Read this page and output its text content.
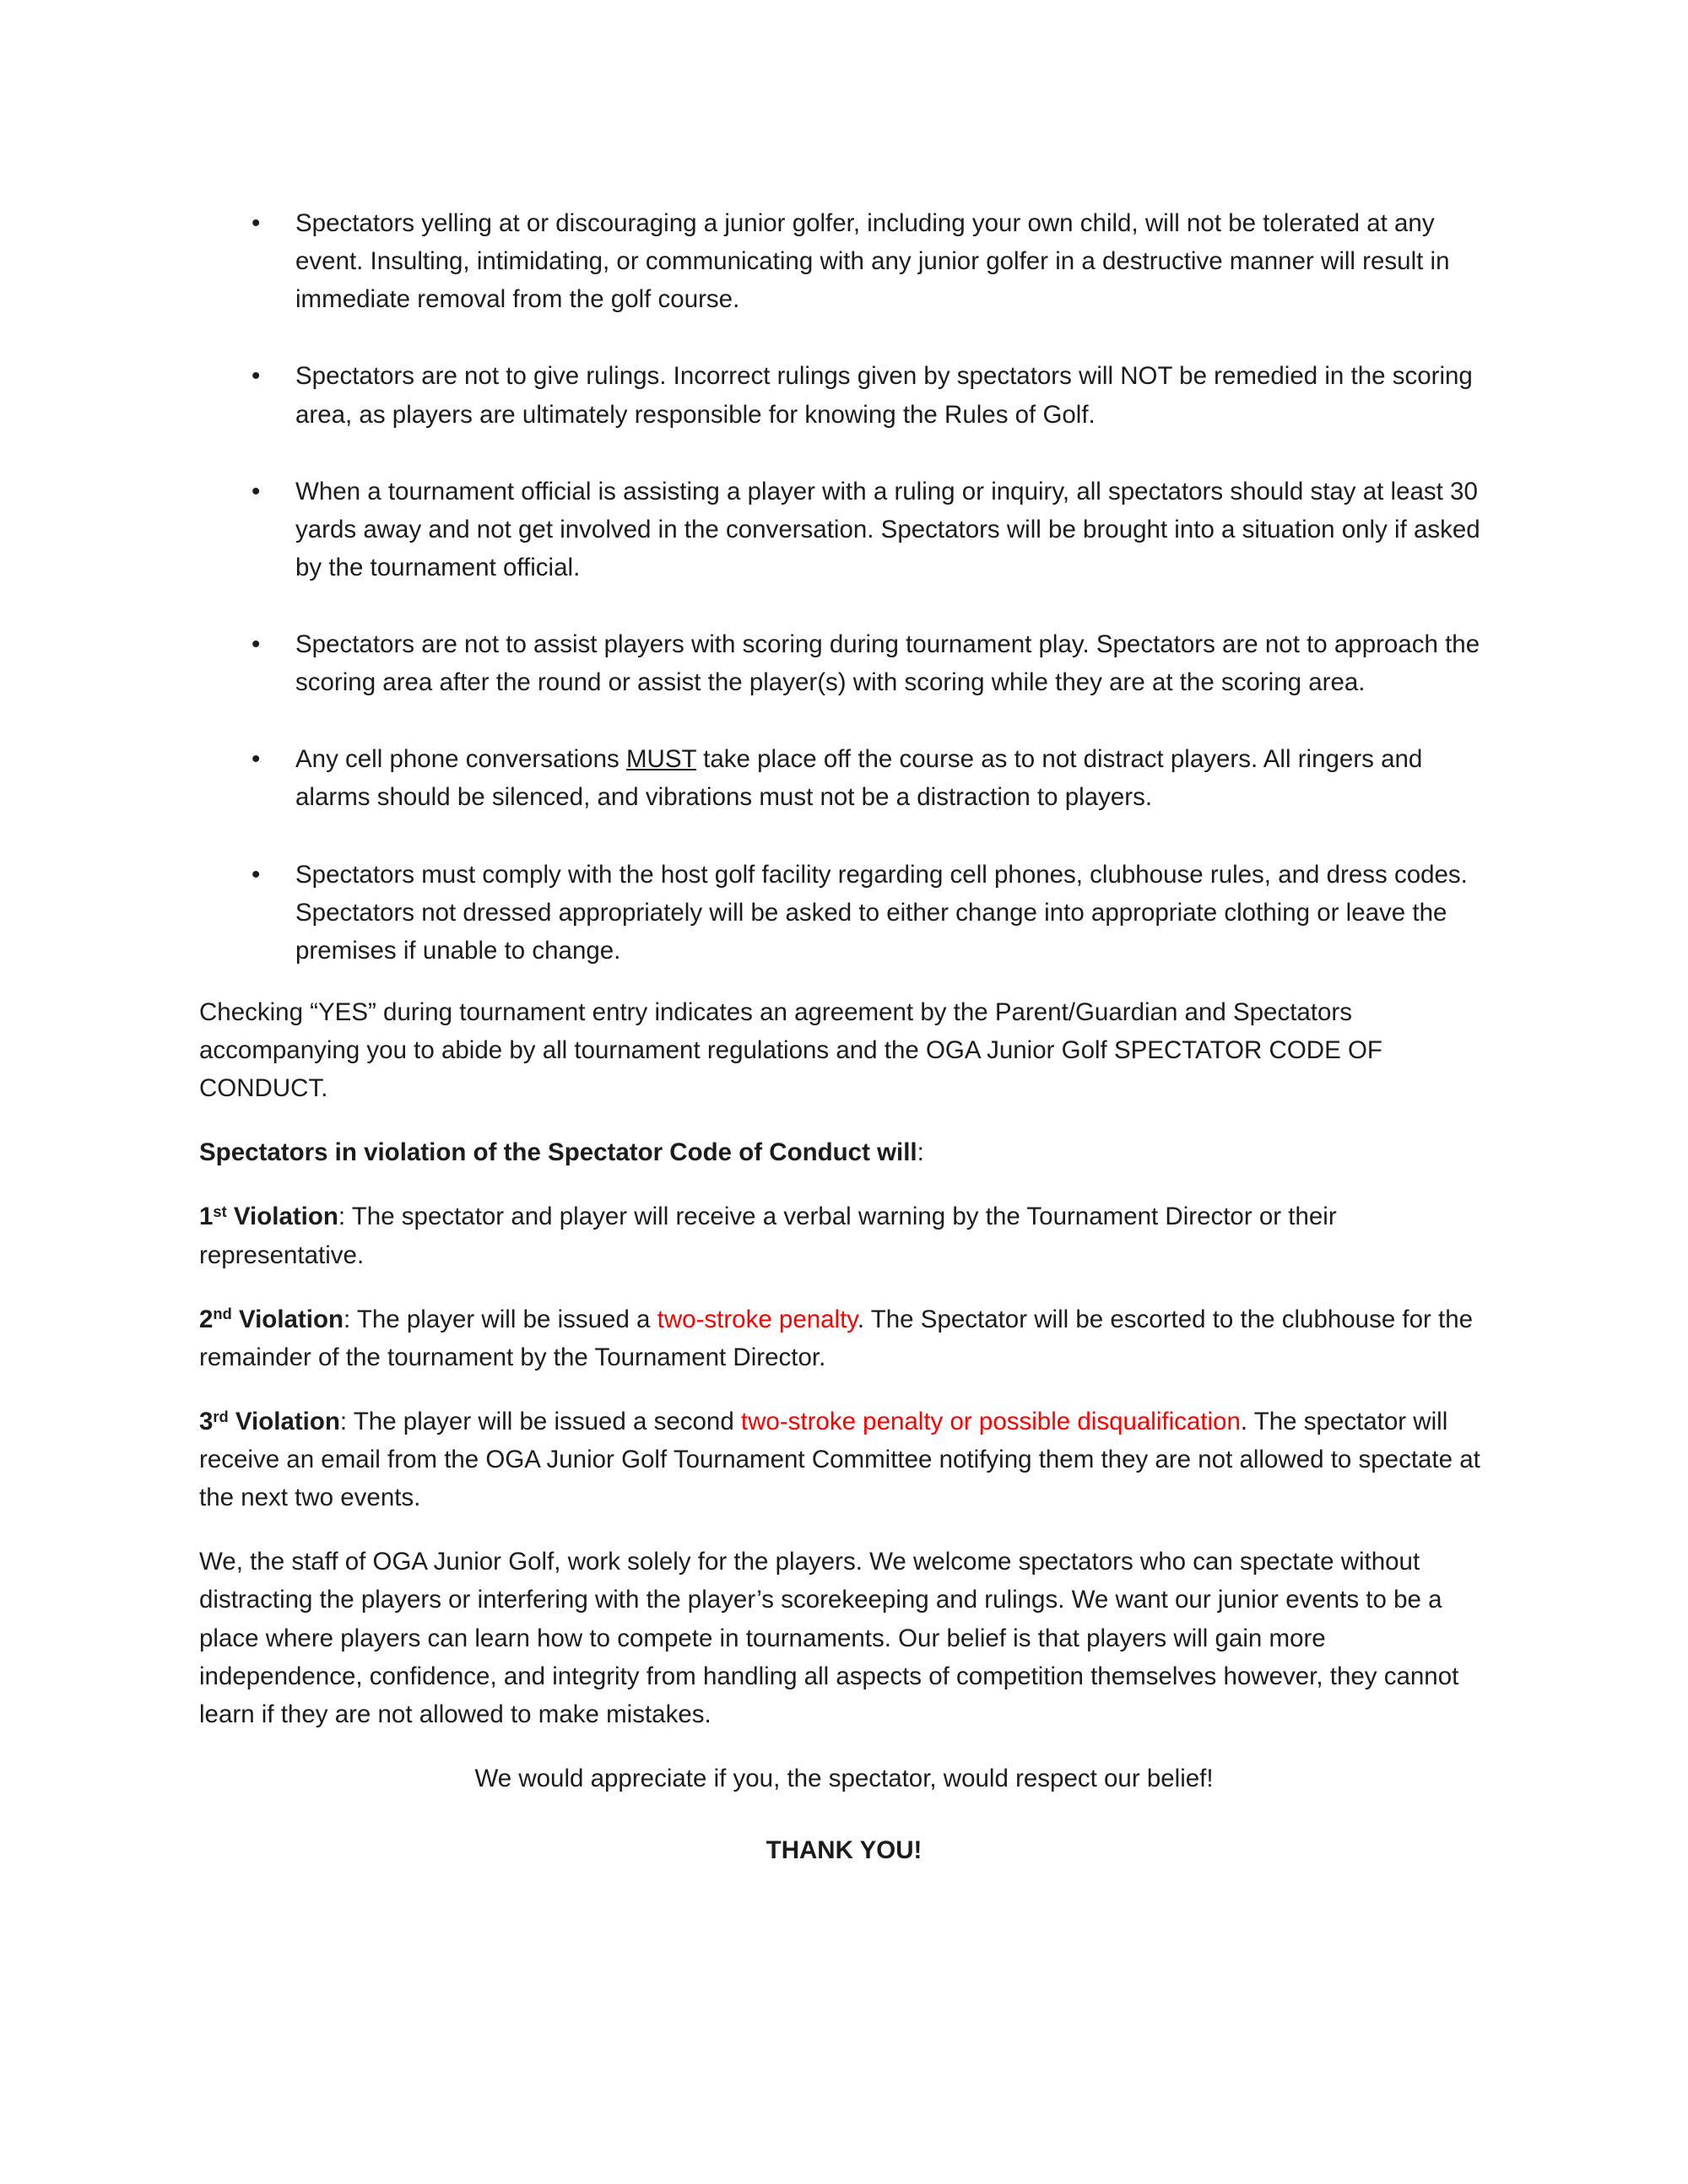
• Spectators yelling at or discouraging a junior golfer, including your own child, will not be tolerated at any event. Insulting, intimidating, or communicating with any junior golfer in a destructive manner will result in immediate removal from the golf course.
• Spectators are not to give rulings. Incorrect rulings given by spectators will NOT be remedied in the scoring area, as players are ultimately responsible for knowing the Rules of Golf.
• When a tournament official is assisting a player with a ruling or inquiry, all spectators should stay at least 30 yards away and not get involved in the conversation. Spectators will be brought into a situation only if asked by the tournament official.
• Spectators are not to assist players with scoring during tournament play. Spectators are not to approach the scoring area after the round or assist the player(s) with scoring while they are at the scoring area.
• Any cell phone conversations MUST take place off the course as to not distract players. All ringers and alarms should be silenced, and vibrations must not be a distraction to players.
• Spectators must comply with the host golf facility regarding cell phones, clubhouse rules, and dress codes. Spectators not dressed appropriately will be asked to either change into appropriate clothing or leave the premises if unable to change.

Checking “YES” during tournament entry indicates an agreement by the Parent/Guardian and Spectators accompanying you to abide by all tournament regulations and the OGA Junior Golf SPECTATOR CODE OF CONDUCT.

Spectators in violation of the Spectator Code of Conduct will:

1st Violation: The spectator and player will receive a verbal warning by the Tournament Director or their representative.

2nd Violation: The player will be issued a two-stroke penalty. The Spectator will be escorted to the clubhouse for the remainder of the tournament by the Tournament Director.

3rd Violation: The player will be issued a second two-stroke penalty or possible disqualification. The spectator will receive an email from the OGA Junior Golf Tournament Committee notifying them they are not allowed to spectate at the next two events.

We, the staff of OGA Junior Golf, work solely for the players. We welcome spectators who can spectate without distracting the players or interfering with the player’s scorekeeping and rulings. We want our junior events to be a place where players can learn how to compete in tournaments. Our belief is that players will gain more independence, confidence, and integrity from handling all aspects of competition themselves however, they cannot learn if they are not allowed to make mistakes.

We would appreciate if you, the spectator, would respect our belief!

THANK YOU!
